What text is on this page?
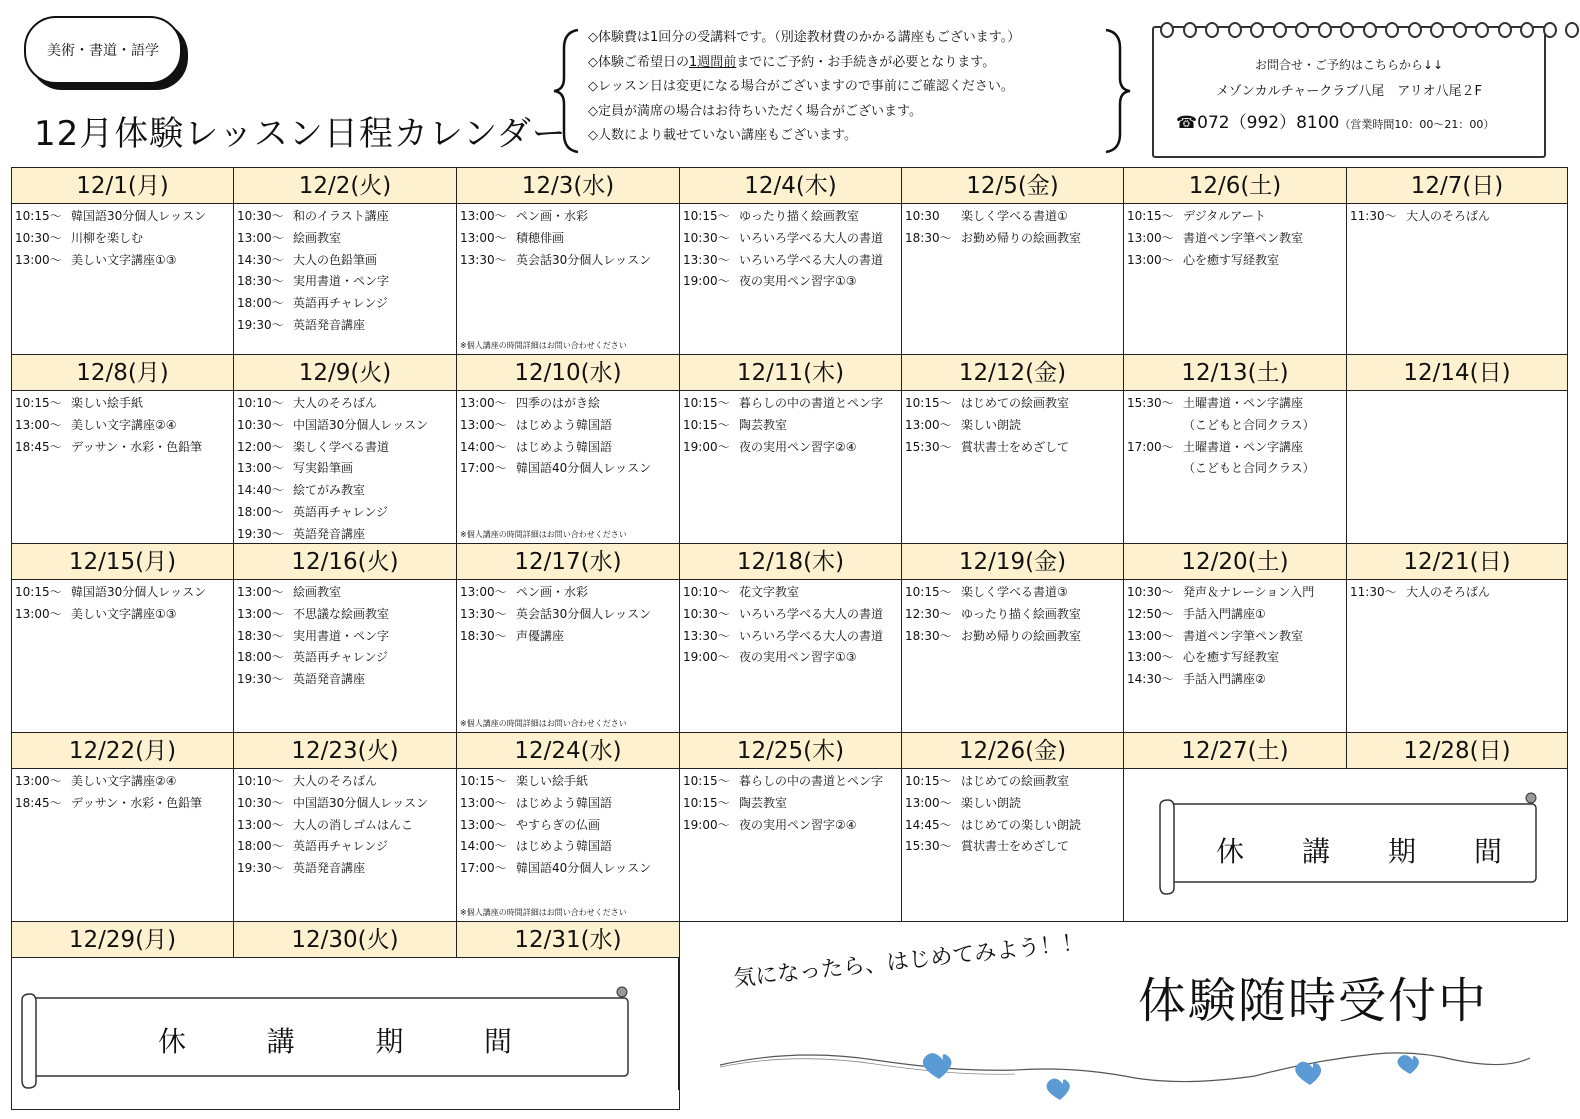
美術・書道・語学
12月体験レッスン日程カレンダー
◇体験費は1回分の受講料です。（別途教材費のかかる講座もございます。）
◇体験ご希望日の1週間前までにご予約・お手続きが必要となります。
◇レッスン日は変更になる場合がございますので事前にご確認ください。
◇定員が満席の場合はお待ちいただく場合がございます。
◇人数により載せていない講座もございます。
お問合せ・ご予約はこちらから↓↓
メゾンカルチャークラブ八尾　アリオ八尾２F
☎072（992）8100（営業時間10：00～21：00）
12/1(月)
10:15～ 韓国語30分個人レッスン
10:30～ 川柳を楽しむ
13:00～ 美しい文字講座①③
12/2(火)
10:30～ 和のイラスト講座
13:00～ 絵画教室
14:30～ 大人の色鉛筆画
18:30～ 実用書道・ペン字
18:00～ 英語再チャレンジ
19:30～ 英語発音講座
12/3(水)
13:00～ ペン画・水彩
13:00～ 積穂俳画
13:30～ 英会話30分個人レッスン
※個人講座の時間詳細はお問い合わせください
12/4(木)
10:15～ ゆったり描く絵画教室
10:30～ いろいろ学べる大人の書道
13:30～ いろいろ学べる大人の書道
19:00～ 夜の実用ペン習字①③
12/5(金)
10:30 楽しく学べる書道①
18:30～ お勤め帰りの絵画教室
12/6(土)
10:15～ デジタルアート
13:00～ 書道ペン字筆ペン教室
13:00～ 心を癒す写経教室
12/7(日)
11:30～ 大人のそろばん
12/8(月)
10:15～ 楽しい絵手紙
13:00～ 美しい文字講座②④
18:45～ デッサン・水彩・色鉛筆
12/9(火)
10:10～ 大人のそろばん
10:30～ 中国語30分個人レッスン
12:00～ 楽しく学べる書道
13:00～ 写実鉛筆画
14:40～ 絵てがみ教室
18:00～ 英語再チャレンジ
19:30～ 英語発音講座
12/10(水)
13:00～ 四季のはがき絵
13:00～ はじめよう韓国語
14:00～ はじめよう韓国語
17:00～ 韓国語40分個人レッスン
※個人講座の時間詳細はお問い合わせください
12/11(木)
10:15～ 暮らしの中の書道とペン字
10:15～ 陶芸教室
19:00～ 夜の実用ペン習字②④
12/12(金)
10:15～ はじめての絵画教室
13:00～ 楽しい朗読
15:30～ 賞状書士をめざして
12/13(土)
15:30～ 土曜書道・ペン字講座
（こどもと合同クラス）
17:00～ 土曜書道・ペン字講座
（こどもと合同クラス）
12/14(日)
12/15(月)
10:15～ 韓国語30分個人レッスン
13:00～ 美しい文字講座①③
12/16(火)
13:00～ 絵画教室
13:00～ 不思議な絵画教室
18:30～ 実用書道・ペン字
18:00～ 英語再チャレンジ
19:30～ 英語発音講座
12/17(水)
13:00～ ペン画・水彩
13:30～ 英会話30分個人レッスン
18:30～ 声優講座
※個人講座の時間詳細はお問い合わせください
12/18(木)
10:10～ 花文字教室
10:30～ いろいろ学べる大人の書道
13:30～ いろいろ学べる大人の書道
19:00～ 夜の実用ペン習字①③
12/19(金)
10:15～ 楽しく学べる書道③
12:30～ ゆったり描く絵画教室
18:30～ お勤め帰りの絵画教室
12/20(土)
10:30～ 発声＆ナレーション入門
12:50～ 手話入門講座①
13:00～ 書道ペン字筆ペン教室
13:00～ 心を癒す写経教室
14:30～ 手話入門講座②
12/21(日)
11:30～ 大人のそろばん
12/22(月)
13:00～ 美しい文字講座②④
18:45～ デッサン・水彩・色鉛筆
12/23(火)
10:10～ 大人のそろばん
10:30～ 中国語30分個人レッスン
13:00～ 大人の消しゴムはんこ
18:00～ 英語再チャレンジ
19:30～ 英語発音講座
12/24(水)
10:15～ 楽しい絵手紙
13:00～ はじめよう韓国語
13:00～ やすらぎの仏画
14:00～ はじめよう韓国語
17:00～ 韓国語40分個人レッスン
※個人講座の時間詳細はお問い合わせください
12/25(木)
10:15～ 暮らしの中の書道とペン字
10:15～ 陶芸教室
19:00～ 夜の実用ペン習字②④
12/26(金)
10:15～ はじめての絵画教室
13:00～ 楽しい朗読
14:45～ はじめての楽しい朗読
15:30～ 賞状書士をめざして
12/27(土)	12/28(日)
12/29(月)	12/30(火)	12/31(水)
休 講 期 間
休	講	期	間
気になったら、はじめてみよう！！
体験随時受付中
